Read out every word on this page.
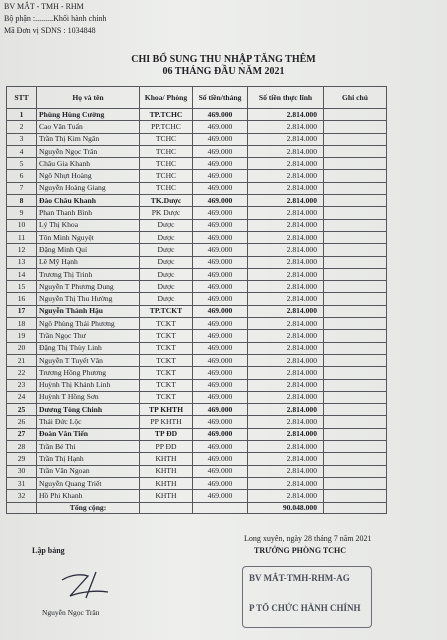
BV MẮT - TMH - RHM
Bộ phận :.........Khối hành chính
Mã Đơn vị SDNS : 1034848
CHI BỔ SUNG THU NHẬP TĂNG THÊM
06 THÁNG ĐẦU NĂM 2021
STT	Họ và tên	Khoa/ Phòng	Số tiền/tháng	Số tiền thực lĩnh	Ghi chú
1	Phùng Hùng Cường	TP.TCHC	469.000	2.814.000	
2	Cao Văn Tuấn	PP.TCHC	469.000	2.814.000	
3	Trần Thị Kim Ngân	TCHC	469.000	2.814.000	
4	Nguyễn Ngọc Trân	TCHC	469.000	2.814.000	
5	Châu Gia Khanh	TCHC	469.000	2.814.000	
6	Ngô Nhựt Hoàng	TCHC	469.000	2.814.000	
7	Nguyễn Hoàng Giang	TCHC	469.000	2.814.000	
8	Đào Châu Khanh	TK.Dược	469.000	2.814.000	
9	Phan Thanh Bình	PK Dược	469.000	2.814.000	
10	Lý Thị Khoa	Dược	469.000	2.814.000	
11	Tôn Minh Nguyệt	Dược	469.000	2.814.000	
12	Đặng Minh Quí	Dược	469.000	2.814.000	
13	Lê Mỹ Hạnh	Dược	469.000	2.814.000	
14	Trương Thị Trinh	Dược	469.000	2.814.000	
15	Nguyễn T Phương Dung	Dược	469.000	2.814.000	
16	Nguyễn Thị Thu Hường	Dược	469.000	2.814.000	
17	Nguyễn Thành Hậu	TP.TCKT	469.000	2.814.000	
18	Ngô Phùng Thái Phương	TCKT	469.000	2.814.000	
19	Trần Ngọc Thư	TCKT	469.000	2.814.000	
20	Đặng Thị Thùy Linh	TCKT	469.000	2.814.000	
21	Nguyễn T Tuyết Vân	TCKT	469.000	2.814.000	
22	Trương Hồng Phương	TCKT	469.000	2.814.000	
23	Huỳnh Thị Khánh Linh	TCKT	469.000	2.814.000	
24	Huỳnh T Hồng Sơn	TCKT	469.000	2.814.000	
25	Dương Tòng Chinh	TP KHTH	469.000	2.814.000	
26	Thái Đức Lộc	PP KHTH	469.000	2.814.000	
27	Đoàn Văn Tiến	TP ĐD	469.000	2.814.000	
28	Trần Bé Thi	PP ĐD	469.000	2.814.000	
29	Trần Thị Hạnh	KHTH	469.000	2.814.000	
30	Trần Văn Ngoan	KHTH	469.000	2.814.000	
31	Nguyễn Quang Triết	KHTH	469.000	2.814.000	
32	Hồ Phi Khanh	KHTH	469.000	2.814.000	
	Tổng cộng:			90.048.000	
Long xuyên, ngày 28 tháng 7 năm 2021
Lập bảng	TRƯỞNG PHÒNG TCHC
Nguyễn Ngọc Trân
BV MẮT-TMH-RHM-AG
P TỔ CHỨC HÀNH CHÍNH
